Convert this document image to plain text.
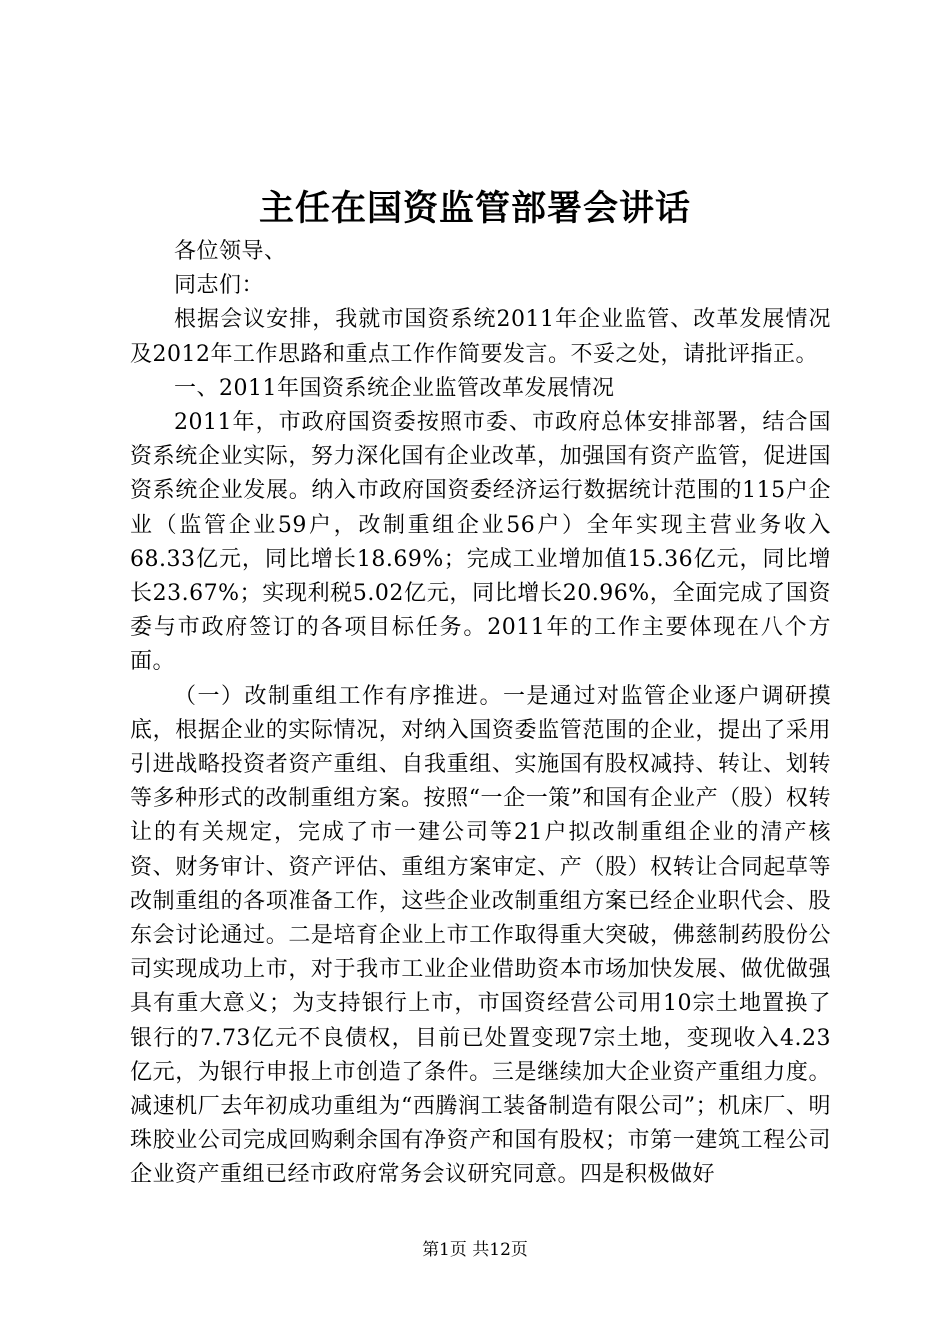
主任在国资监管部署会讲话

各位领导、

同志们：

根据会议安排，我就市国资系统2011年企业监管、改革发展情况及2012年工作思路和重点工作作简要发言。不妥之处，请批评指正。

一、2011年国资系统企业监管改革发展情况

2011年，市政府国资委按照市委、市政府总体安排部署，结合国资系统企业实际，努力深化国有企业改革，加强国有资产监管，促进国资系统企业发展。纳入市政府国资委经济运行数据统计范围的115户企业（监管企业59户，改制重组企业56户）全年实现主营业务收入68.33亿元，同比增长18.69%；完成工业增加值15.36亿元，同比增长23.67%；实现利税5.02亿元，同比增长20.96%，全面完成了国资委与市政府签订的各项目标任务。2011年的工作主要体现在八个方面。

（一）改制重组工作有序推进。一是通过对监管企业逐户调研摸底，根据企业的实际情况，对纳入国资委监管范围的企业，提出了采用引进战略投资者资产重组、自我重组、实施国有股权减持、转让、划转等多种形式的改制重组方案。按照“一企一策”和国有企业产（股）权转让的有关规定，完成了市一建公司等21户拟改制重组企业的清产核资、财务审计、资产评估、重组方案审定、产（股）权转让合同起草等改制重组的各项准备工作，这些企业改制重组方案已经企业职代会、股东会讨论通过。二是培育企业上市工作取得重大突破，佛慈制药股份公司实现成功上市，对于我市工业企业借助资本市场加快发展、做优做强具有重大意义；为支持银行上市，市国资经营公司用10宗土地置换了银行的7.73亿元不良债权，目前已处置变现7宗土地，变现收入4.23亿元，为银行申报上市创造了条件。三是继续加大企业资产重组力度。减速机厂去年初成功重组为“西腾润工装备制造有限公司”；机床厂、明珠胶业公司完成回购剩余国有净资产和国有股权；市第一建筑工程公司企业资产重组已经市政府常务会议研究同意。四是积极做好

第1页 共12页
